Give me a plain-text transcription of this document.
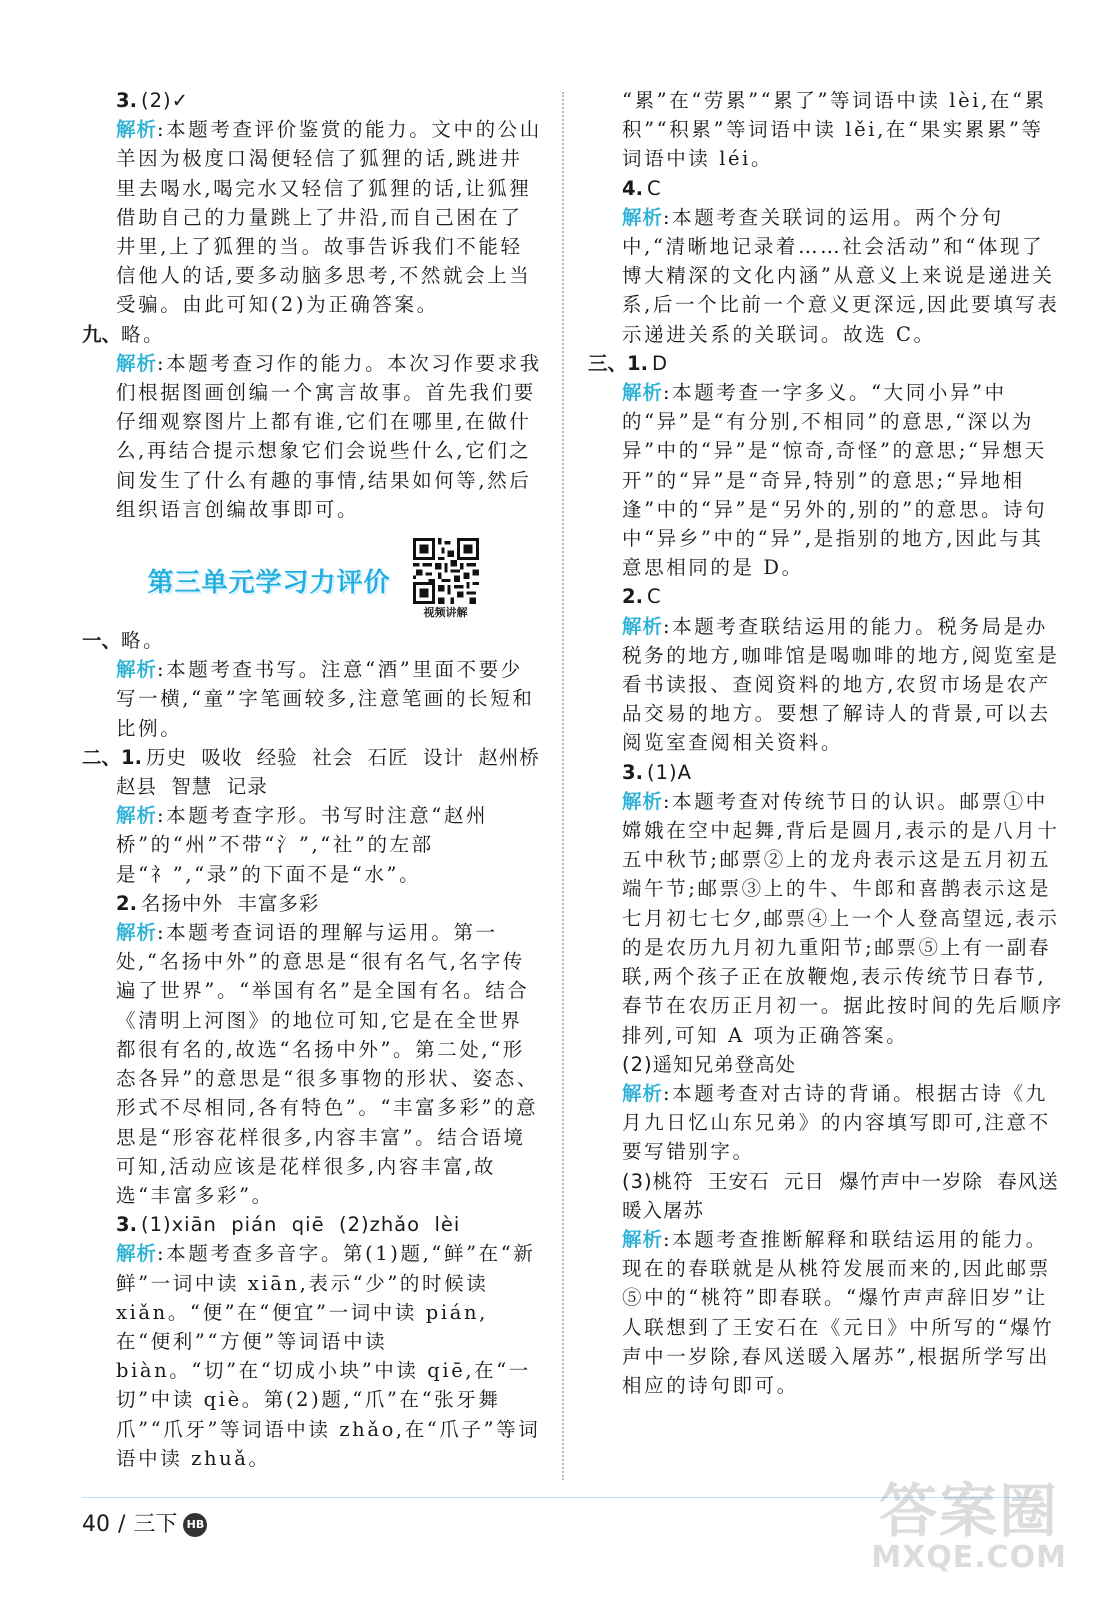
3. (2)✓
解析:本题考查评价鉴赏的能力。文中的公山羊因为极度口渴便轻信了狐狸的话,跳进井里去喝水,喝完水又轻信了狐狸的话,让狐狸借助自己的力量跳上了井沿,而自己困在了井里,上了狐狸的当。故事告诉我们不能轻信他人的话,要多动脑多思考,不然就会上当受骗。由此可知(2)为正确答案。
九、略。
解析:本题考查习作的能力。本次习作要求我们根据图画创编一个寓言故事。首先我们要仔细观察图片上都有谁,它们在哪里,在做什么,再结合提示想象它们会说些什么,它们之间发生了什么有趣的事情,结果如何等,然后组织语言创编故事即可。
第三单元学习力评价
视频讲解
一、略。
解析:本题考查书写。注意“酒”里面不要少写一横,“童”字笔画较多,注意笔画的长短和比例。
二、1. 历史  吸收  经验  社会  石匠  设计  赵州桥  赵县  智慧  记录
解析:本题考查字形。书写时注意“赵州桥”的“州”不带“氵”,“社”的左部是“礻”,“录”的下面不是“水”。
2. 名扬中外  丰富多彩
解析:本题考查词语的理解与运用。第一处,“名扬中外”的意思是“很有名气,名字传遍了世界”。“举国有名”是全国有名。结合《清明上河图》的地位可知,它是在全世界都很有名的,故选“名扬中外”。第二处,“形态各异”的意思是“很多事物的形状、姿态、形式不尽相同,各有特色”。“丰富多彩”的意思是“形容花样很多,内容丰富”。结合语境可知,活动应该是花样很多,内容丰富,故选“丰富多彩”。
3. (1)xiān  pián  qiē  (2)zhǎo  lèi
解析:本题考查多音字。第(1)题,“鲜”在“新鲜”一词中读 xiān,表示“少”的时候读 xiǎn。“便”在“便宜”一词中读 pián,在“便利”“方便”等词语中读 biàn。“切”在“切成小块”中读 qiē,在“一切”中读 qiè。第(2)题,“爪”在“张牙舞爪”“爪牙”等词语中读 zhǎo,在“爪子”等词语中读 zhuǎ。
“累”在“劳累”“累了”等词语中读 lèi,在“累积”“积累”等词语中读 lěi,在“果实累累”等词语中读 léi。
4. C
解析:本题考查关联词的运用。两个分句中,“清晰地记录着……社会活动”和“体现了博大精深的文化内涵”从意义上来说是递进关系,后一个比前一个意义更深远,因此要填写表示递进关系的关联词。故选 C。
三、1. D
解析:本题考查一字多义。“大同小异”中的“异”是“有分别,不相同”的意思,“深以为异”中的“异”是“惊奇,奇怪”的意思;“异想天开”的“异”是“奇异,特别”的意思;“异地相逢”中的“异”是“另外的,别的”的意思。诗句中“异乡”中的“异”,是指别的地方,因此与其意思相同的是 D。
2. C
解析:本题考查联结运用的能力。税务局是办税务的地方,咖啡馆是喝咖啡的地方,阅览室是看书读报、查阅资料的地方,农贸市场是农产品交易的地方。要想了解诗人的背景,可以去阅览室查阅相关资料。
3. (1)A
解析:本题考查对传统节日的认识。邮票①中嫦娥在空中起舞,背后是圆月,表示的是八月十五中秋节;邮票②上的龙舟表示这是五月初五端午节;邮票③上的牛、牛郎和喜鹊表示这是七月初七七夕,邮票④上一个人登高望远,表示的是农历九月初九重阳节;邮票⑤上有一副春联,两个孩子正在放鞭炮,表示传统节日春节,春节在农历正月初一。据此按时间的先后顺序排列,可知 A 项为正确答案。
(2)遥知兄弟登高处
解析:本题考查对古诗的背诵。根据古诗《九月九日忆山东兄弟》的内容填写即可,注意不要写错别字。
(3)桃符  王安石  元日  爆竹声中一岁除  春风送暖入屠苏
解析:本题考查推断解释和联结运用的能力。现在的春联就是从桃符发展而来的,因此邮票⑤中的“桃符”即春联。“爆竹声声辞旧岁”让人联想到了王安石在《元日》中所写的“爆竹声中一岁除,春风送暖入屠苏”,根据所学写出相应的诗句即可。
40 / 三下 HB	答案圈
MXQE.COM
